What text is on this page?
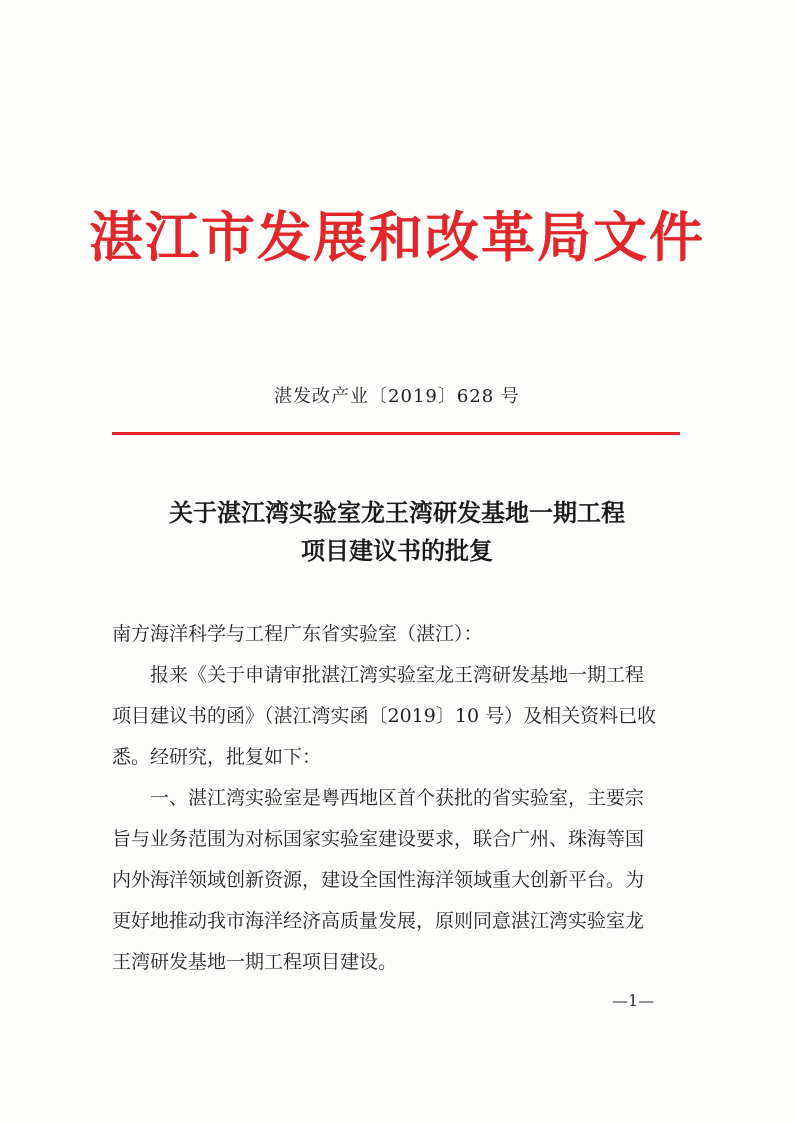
湛江市发展和改革局文件
湛发改产业〔2019〕628 号
关于湛江湾实验室龙王湾研发基地一期工程
项目建议书的批复
南方海洋科学与工程广东省实验室（湛江）：
报来《关于申请审批湛江湾实验室龙王湾研发基地一期工程
项目建议书的函》（湛江湾实函〔2019〕10 号）及相关资料已收
悉。经研究，批复如下：
一、湛江湾实验室是粤西地区首个获批的省实验室，主要宗
旨与业务范围为对标国家实验室建设要求，联合广州、珠海等国
内外海洋领域创新资源，建设全国性海洋领域重大创新平台。为
更好地推动我市海洋经济高质量发展，原则同意湛江湾实验室龙
王湾研发基地一期工程项目建设。
—1—
